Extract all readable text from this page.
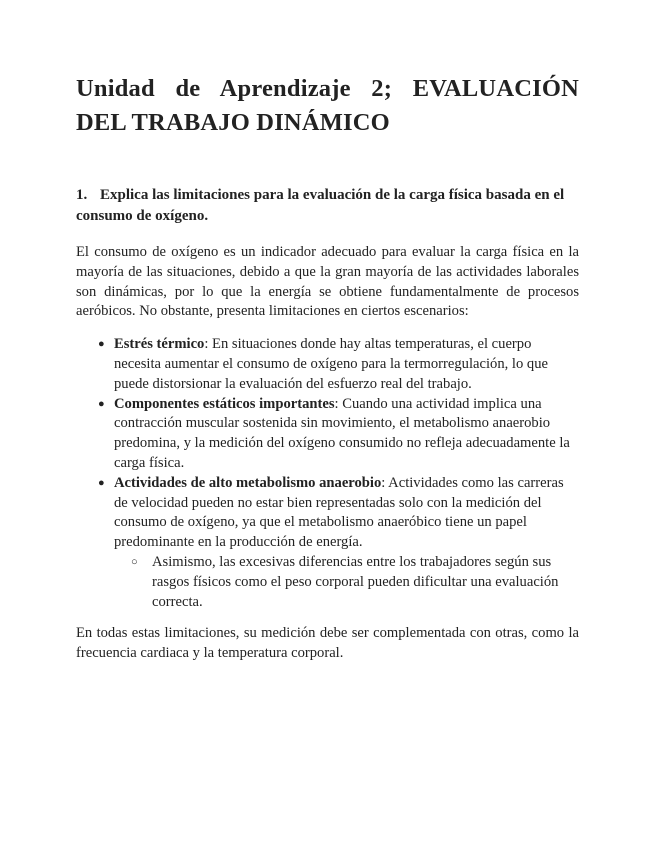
Unidad de Aprendizaje 2; EVALUACIÓN DEL TRABAJO DINÁMICO

1. Explica las limitaciones para la evaluación de la carga física basada en el consumo de oxígeno.

El consumo de oxígeno es un indicador adecuado para evaluar la carga física en la mayoría de las situaciones, debido a que la gran mayoría de las actividades laborales son dinámicas, por lo que la energía se obtiene fundamentalmente de procesos aeróbicos. No obstante, presenta limitaciones en ciertos escenarios:

● Estrés térmico: En situaciones donde hay altas temperaturas, el cuerpo necesita aumentar el consumo de oxígeno para la termorregulación, lo que puede distorsionar la evaluación del esfuerzo real del trabajo.
● Componentes estáticos importantes: Cuando una actividad implica una contracción muscular sostenida sin movimiento, el metabolismo anaerobio predomina, y la medición del oxígeno consumido no refleja adecuadamente la carga física.
● Actividades de alto metabolismo anaerobio: Actividades como las carreras de velocidad pueden no estar bien representadas solo con la medición del consumo de oxígeno, ya que el metabolismo anaeróbico tiene un papel predominante en la producción de energía.
○ Asimismo, las excesivas diferencias entre los trabajadores según sus rasgos físicos como el peso corporal pueden dificultar una evaluación correcta.

En todas estas limitaciones, su medición debe ser complementada con otras, como la frecuencia cardiaca y la temperatura corporal.
